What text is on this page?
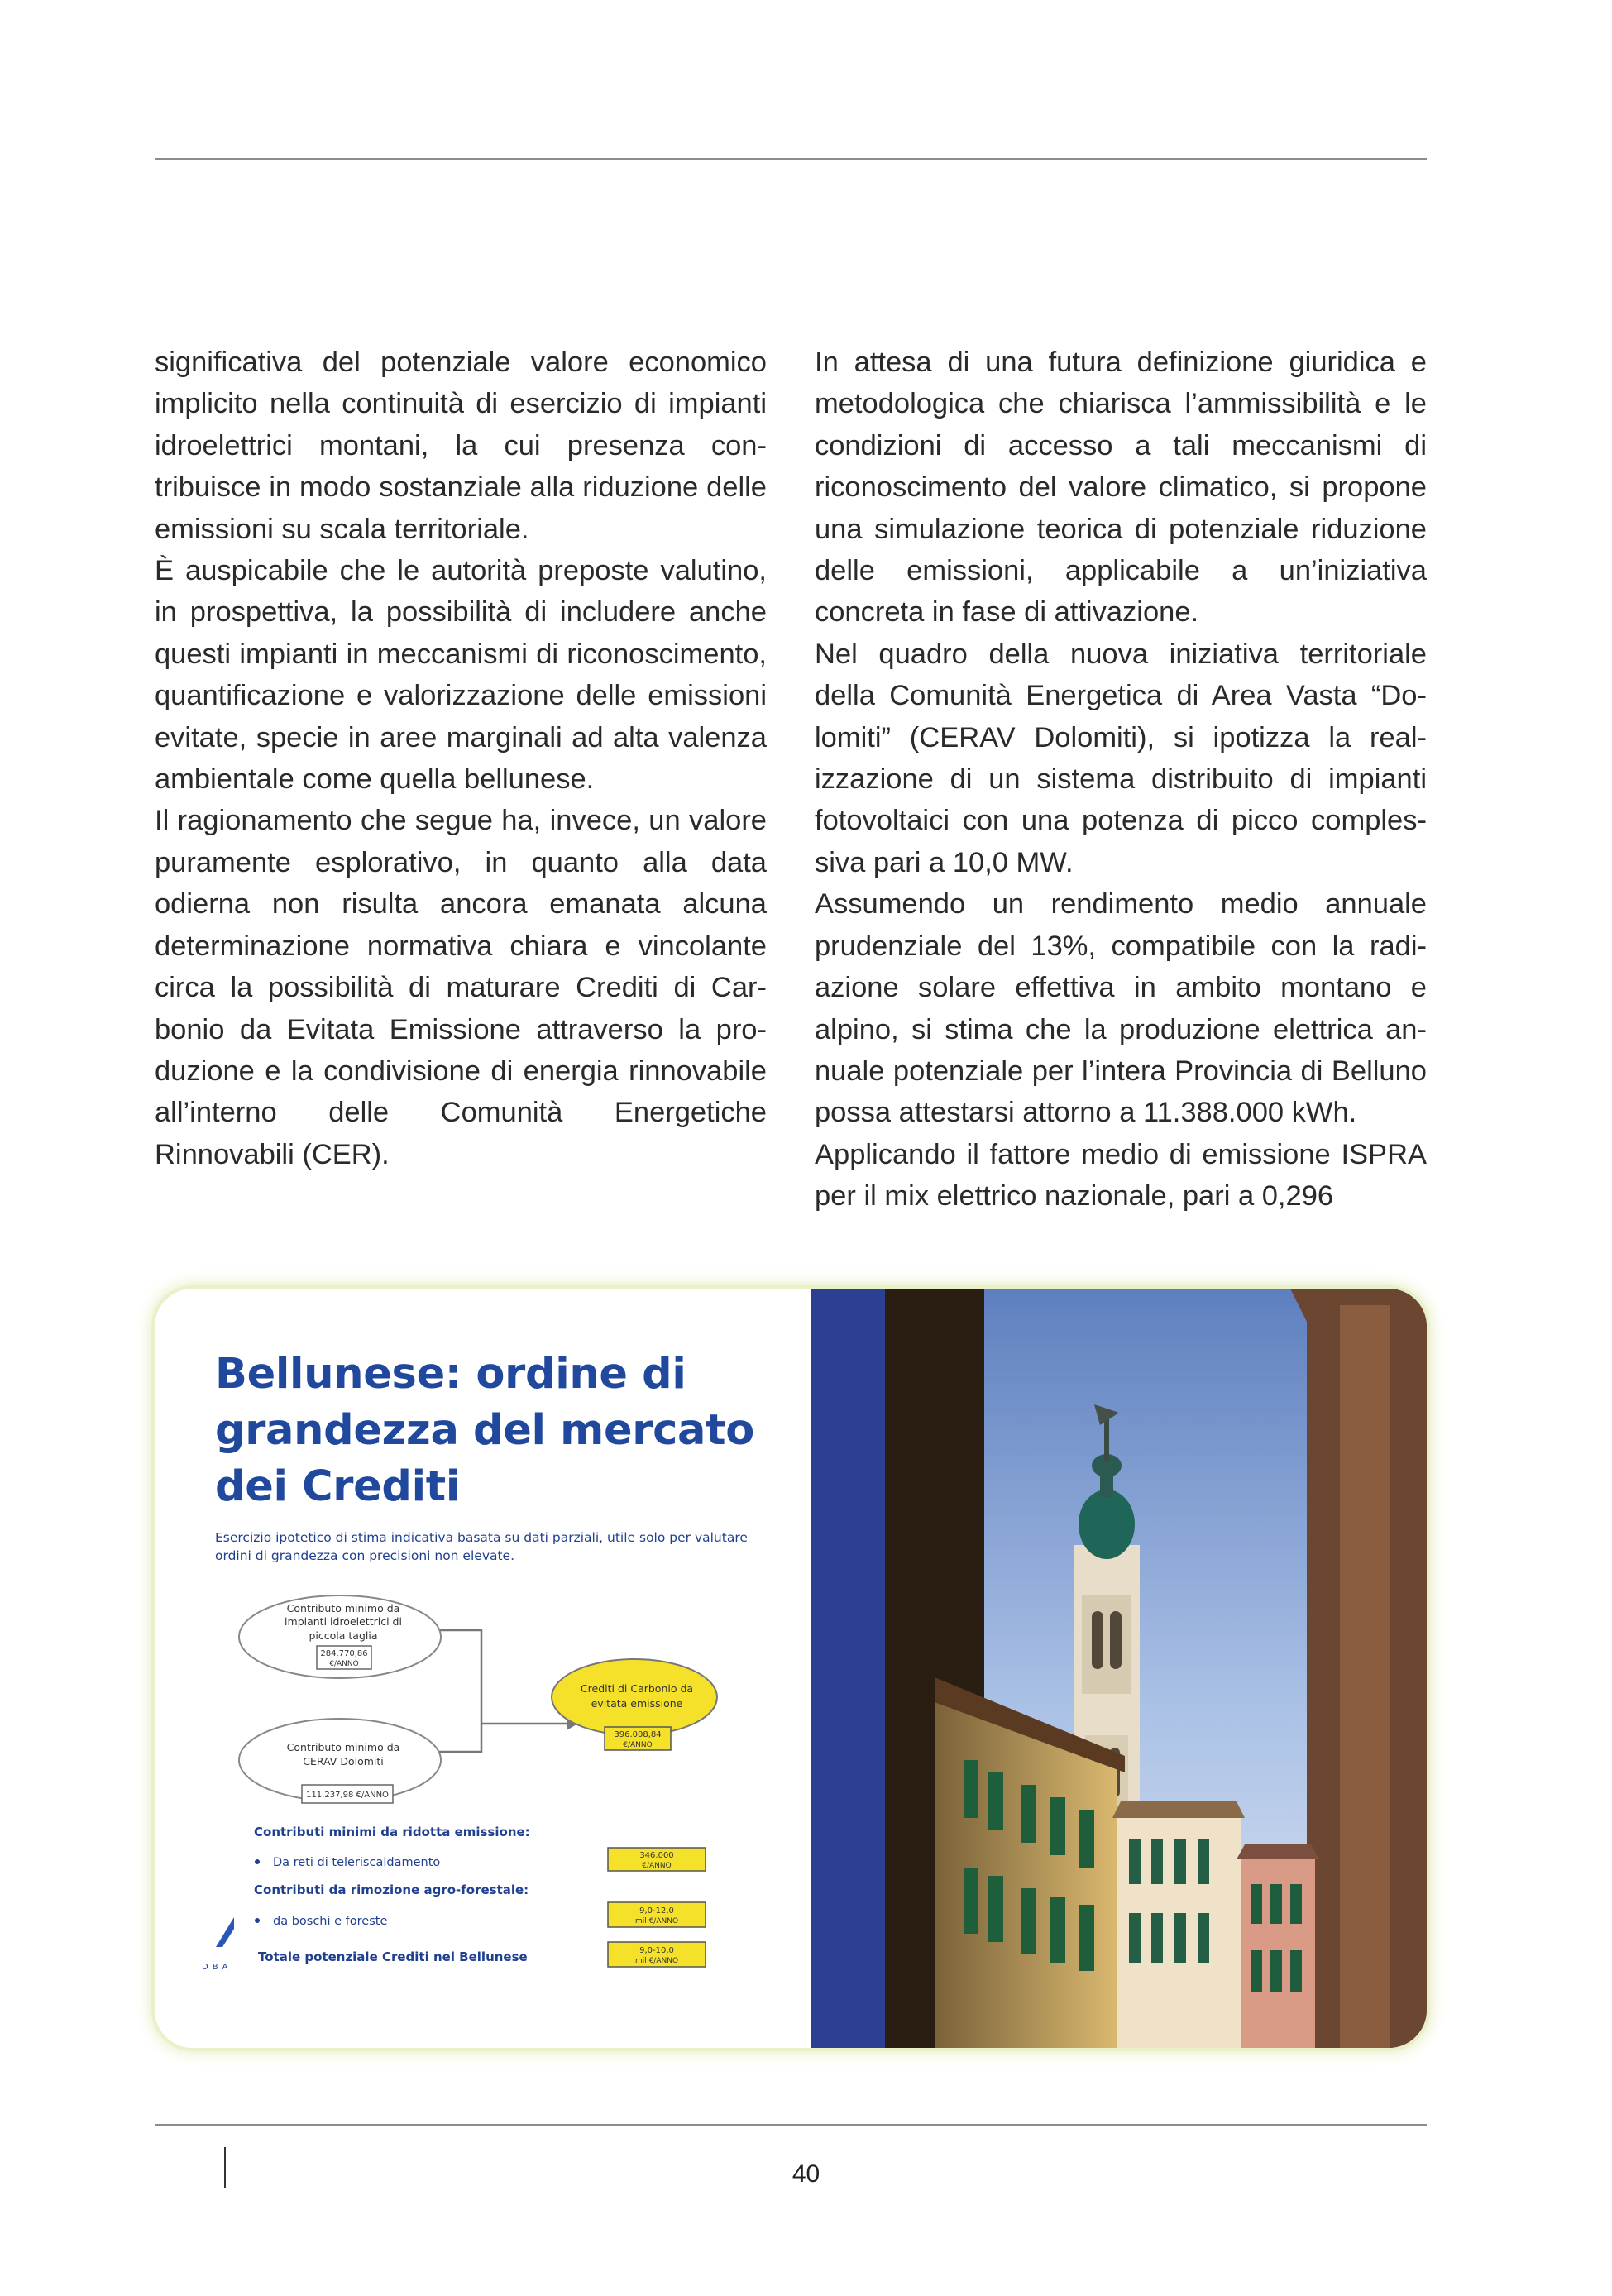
significativa del potenziale valore economico implicito nella continuità di esercizio di impianti idroelettrici montani, la cui presenza contribuisce in modo sostanziale alla riduzione delle emissioni su scala territoriale.

È auspicabile che le autorità preposte valutino, in prospettiva, la possibilità di includere anche questi impianti in meccanismi di riconoscimento, quantificazione e valorizzazione delle emissioni evitate, specie in aree marginali ad alta valenza ambientale come quella bellunese.

Il ragionamento che segue ha, invece, un valore puramente esplorativo, in quanto alla data odierna non risulta ancora emanata alcuna determinazione normativa chiara e vincolante circa la possibilità di maturare Crediti di Carbonio da Evitata Emissione attraverso la produzione e la condivisione di energia rinnovabile all’interno delle Comunità Energetiche Rinnovabili (CER).

In attesa di una futura definizione giuridica e metodologica che chiarisca l’ammissibilità e le condizioni di accesso a tali meccanismi di riconoscimento del valore climatico, si propone una simulazione teorica di potenziale riduzione delle emissioni, applicabile a un’iniziativa concreta in fase di attivazione.

Nel quadro della nuova iniziativa territoriale della Comunità Energetica di Area Vasta “Dolomiti” (CERAV Dolomiti), si ipotizza la realizzazione di un sistema distribuito di impianti fotovoltaici con una potenza di picco complessiva pari a 10,0 MW.

Assumendo un rendimento medio annuale prudenziale del 13%, compatibile con la radiazione solare effettiva in ambito montano e alpino, si stima che la produzione elettrica annuale potenziale per l’intera Provincia di Belluno possa attestarsi attorno a 11.388.000 kWh.

Applicando il fattore medio di emissione ISPRA per il mix elettrico nazionale, pari a 0,296

Bellunese: ordine di grandezza del mercato dei Crediti
Esercizio ipotetico di stima indicativa basata su dati parziali, utile solo per valutare ordini di grandezza con precisioni non elevate.
Contributo minimo da
impianti idroelettrici di
piccola taglia
284.770,86
€/ANNO
Contributo minimo da
CERAV Dolomiti
111.237,98 €/ANNO
Crediti di Carbonio da
evitata emissione
396.008,84
€/ANNO
Contributi minimi da ridotta emissione:
Da reti di teleriscaldamento
346.000
€/ANNO
Contributi da rimozione agro-forestale:
da boschi e foreste
9,0-12,0
mil €/ANNO
Totale potenziale Crediti nel Bellunese	9,0-10,0
mil €/ANNO
DBA
40
